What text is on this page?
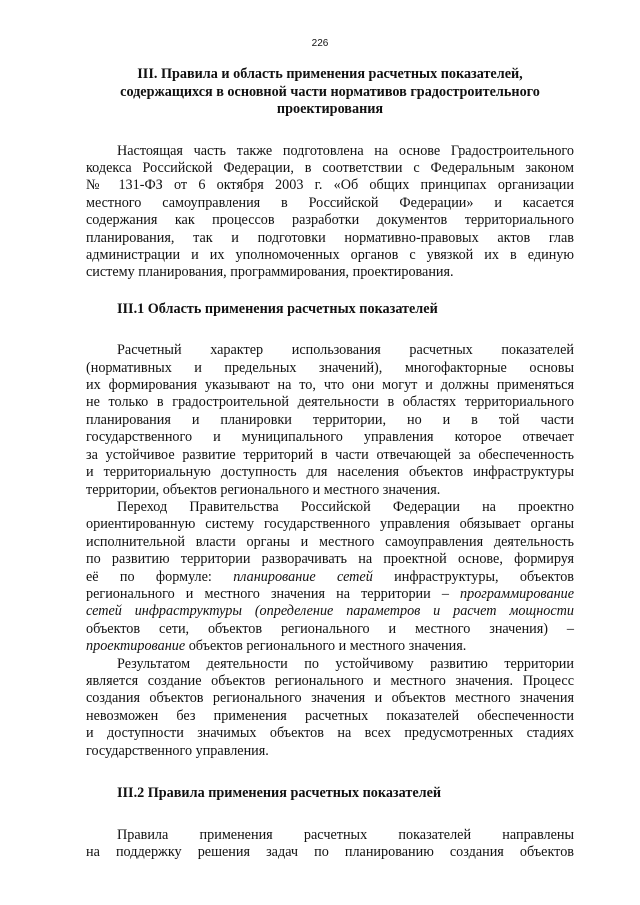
226
III. Правила и область применения расчетных показателей,
содержащихся в основной части нормативов градостроительного
проектирования

Настоящая часть также подготовлена на основе Градостроительного
кодекса Российской Федерации, в соответствии с Федеральным законом
№ 131-ФЗ от 6 октября 2003 г. «Об общих принципах организации
местного самоуправления в Российской Федерации» и касается
содержания как процессов разработки документов территориального
планирования, так и подготовки нормативно-правовых актов глав
администрации и их уполномоченных органов с увязкой их в единую
систему планирования, программирования, проектирования.

III.1 Область применения расчетных показателей

Расчетный характер использования расчетных показателей
(нормативных и предельных значений), многофакторные основы
их формирования указывают на то, что они могут и должны применяться
не только в градостроительной деятельности в областях территориального
планирования и планировки территории, но и в той части
государственного и муниципального управления которое отвечает
за устойчивое развитие территорий в части отвечающей за обеспеченность
и территориальную доступность для населения объектов инфраструктуры
территории, объектов регионального и местного значения.

Переход Правительства Российской Федерации на проектно
ориентированную систему государственного управления обязывает органы
исполнительной власти органы и местного самоуправления деятельность
по развитию территории разворачивать на проектной основе, формируя
её по формуле: планирование сетей инфраструктуры, объектов
регионального и местного значения на территории – программирование
сетей инфраструктуры (определение параметров и расчет мощности
объектов сети, объектов регионального и местного значения) –
проектирование объектов регионального и местного значения.

Результатом деятельности по устойчивому развитию территории
является создание объектов регионального и местного значения. Процесс
создания объектов регионального значения и объектов местного значения
невозможен без применения расчетных показателей обеспеченности
и доступности значимых объектов на всех предусмотренных стадиях
государственного управления.

III.2 Правила применения расчетных показателей

Правила применения расчетных показателей направлены
на поддержку решения задач по планированию создания объектов
